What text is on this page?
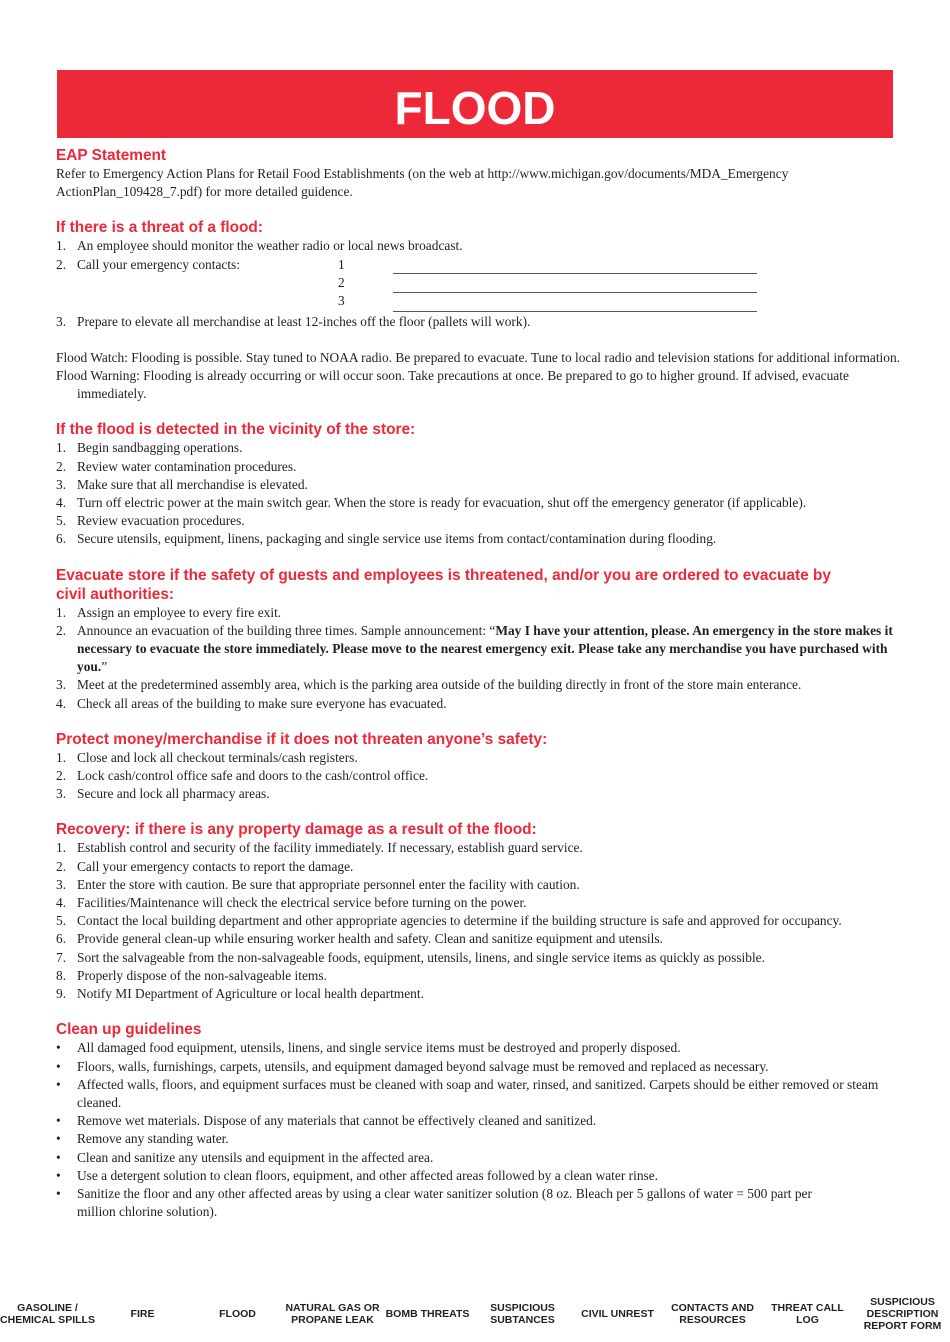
FLOOD
EAP Statement

Refer to Emergency Action Plans for Retail Food Establishments (on the web at http://www.michigan.gov/documents/MDA_Emergency ActionPlan_109428_7.pdf) for more detailed guidence.

If there is a threat of a flood:
1. An employee should monitor the weather radio or local news broadcast.
2. Call your emergency contacts:	1
2
3
3. Prepare to elevate all merchandise at least 12-inches off the floor (pallets will work).

Flood Watch: Flooding is possible. Stay tuned to NOAA radio. Be prepared to evacuate. Tune to local radio and television stations for additional information.

Flood Warning: Flooding is already occurring or will occur soon. Take precautions at once. Be prepared to go to higher ground. If advised, evacuate immediately.

If the flood is detected in the vicinity of the store:
1. Begin sandbagging operations.
2. Review water contamination procedures.
3. Make sure that all merchandise is elevated.
4. Turn off electric power at the main switch gear. When the store is ready for evacuation, shut off the emergency generator (if applicable).
5. Review evacuation procedures.
6. Secure utensils, equipment, linens, packaging and single service use items from contact/contamination during flooding.
Evacuate store if the safety of guests and employees is threatened, and/or you are ordered to evacuate by civil authorities:
1. Assign an employee to every fire exit.
2. Announce an evacuation of the building three times. Sample announcement: “May I have your attention, please. An emergency in the store makes it necessary to evacuate the store immediately. Please move to the nearest emergency exit. Please take any merchandise you have purchased with you.”
3. Meet at the predetermined assembly area, which is the parking area outside of the building directly in front of the store main enterance.
4. Check all areas of the building to make sure everyone has evacuated.
Protect money/merchandise if it does not threaten anyone’s safety:
1. Close and lock all checkout terminals/cash registers.
2. Lock cash/control office safe and doors to the cash/control office.
3. Secure and lock all pharmacy areas.
Recovery: if there is any property damage as a result of the flood:
1. Establish control and security of the facility immediately. If necessary, establish guard service.
2. Call your emergency contacts to report the damage.
3. Enter the store with caution. Be sure that appropriate personnel enter the facility with caution.
4. Facilities/Maintenance will check the electrical service before turning on the power.
5. Contact the local building department and other appropriate agencies to determine if the building structure is safe and approved for occupancy.
6. Provide general clean-up while ensuring worker health and safety. Clean and sanitize equipment and utensils.
7. Sort the salvageable from the non-salvageable foods, equipment, utensils, linens, and single service items as quickly as possible.
8. Properly dispose of the non-salvageable items.
9. Notify MI Department of Agriculture or local health department.
Clean up guidelines
• All damaged food equipment, utensils, linens, and single service items must be destroyed and properly disposed.
• Floors, walls, furnishings, carpets, utensils, and equipment damaged beyond salvage must be removed and replaced as necessary.
• Affected walls, floors, and equipment surfaces must be cleaned with soap and water, rinsed, and sanitized. Carpets should be either removed or steam cleaned.
• Remove wet materials. Dispose of any materials that cannot be effectively cleaned and sanitized.
• Remove any standing water.
• Clean and sanitize any utensils and equipment in the affected area.
• Use a detergent solution to clean floors, equipment, and other affected areas followed by a clean water rinse.
• Sanitize the floor and any other affected areas by using a clear water sanitizer solution (8 oz. Bleach per 5 gallons of water = 500 part per million chlorine solution).
GASOLINE / CHEMICAL SPILLS	FIRE	FLOOD	NATURAL GAS OR PROPANE LEAK	BOMB THREATS	SUSPICIOUS SUBTANCES	CIVIL UNREST	CONTACTS AND RESOURCES
THREAT CALL LOG
SUSPICIOUS DESCRIPTION REPORT FORM
